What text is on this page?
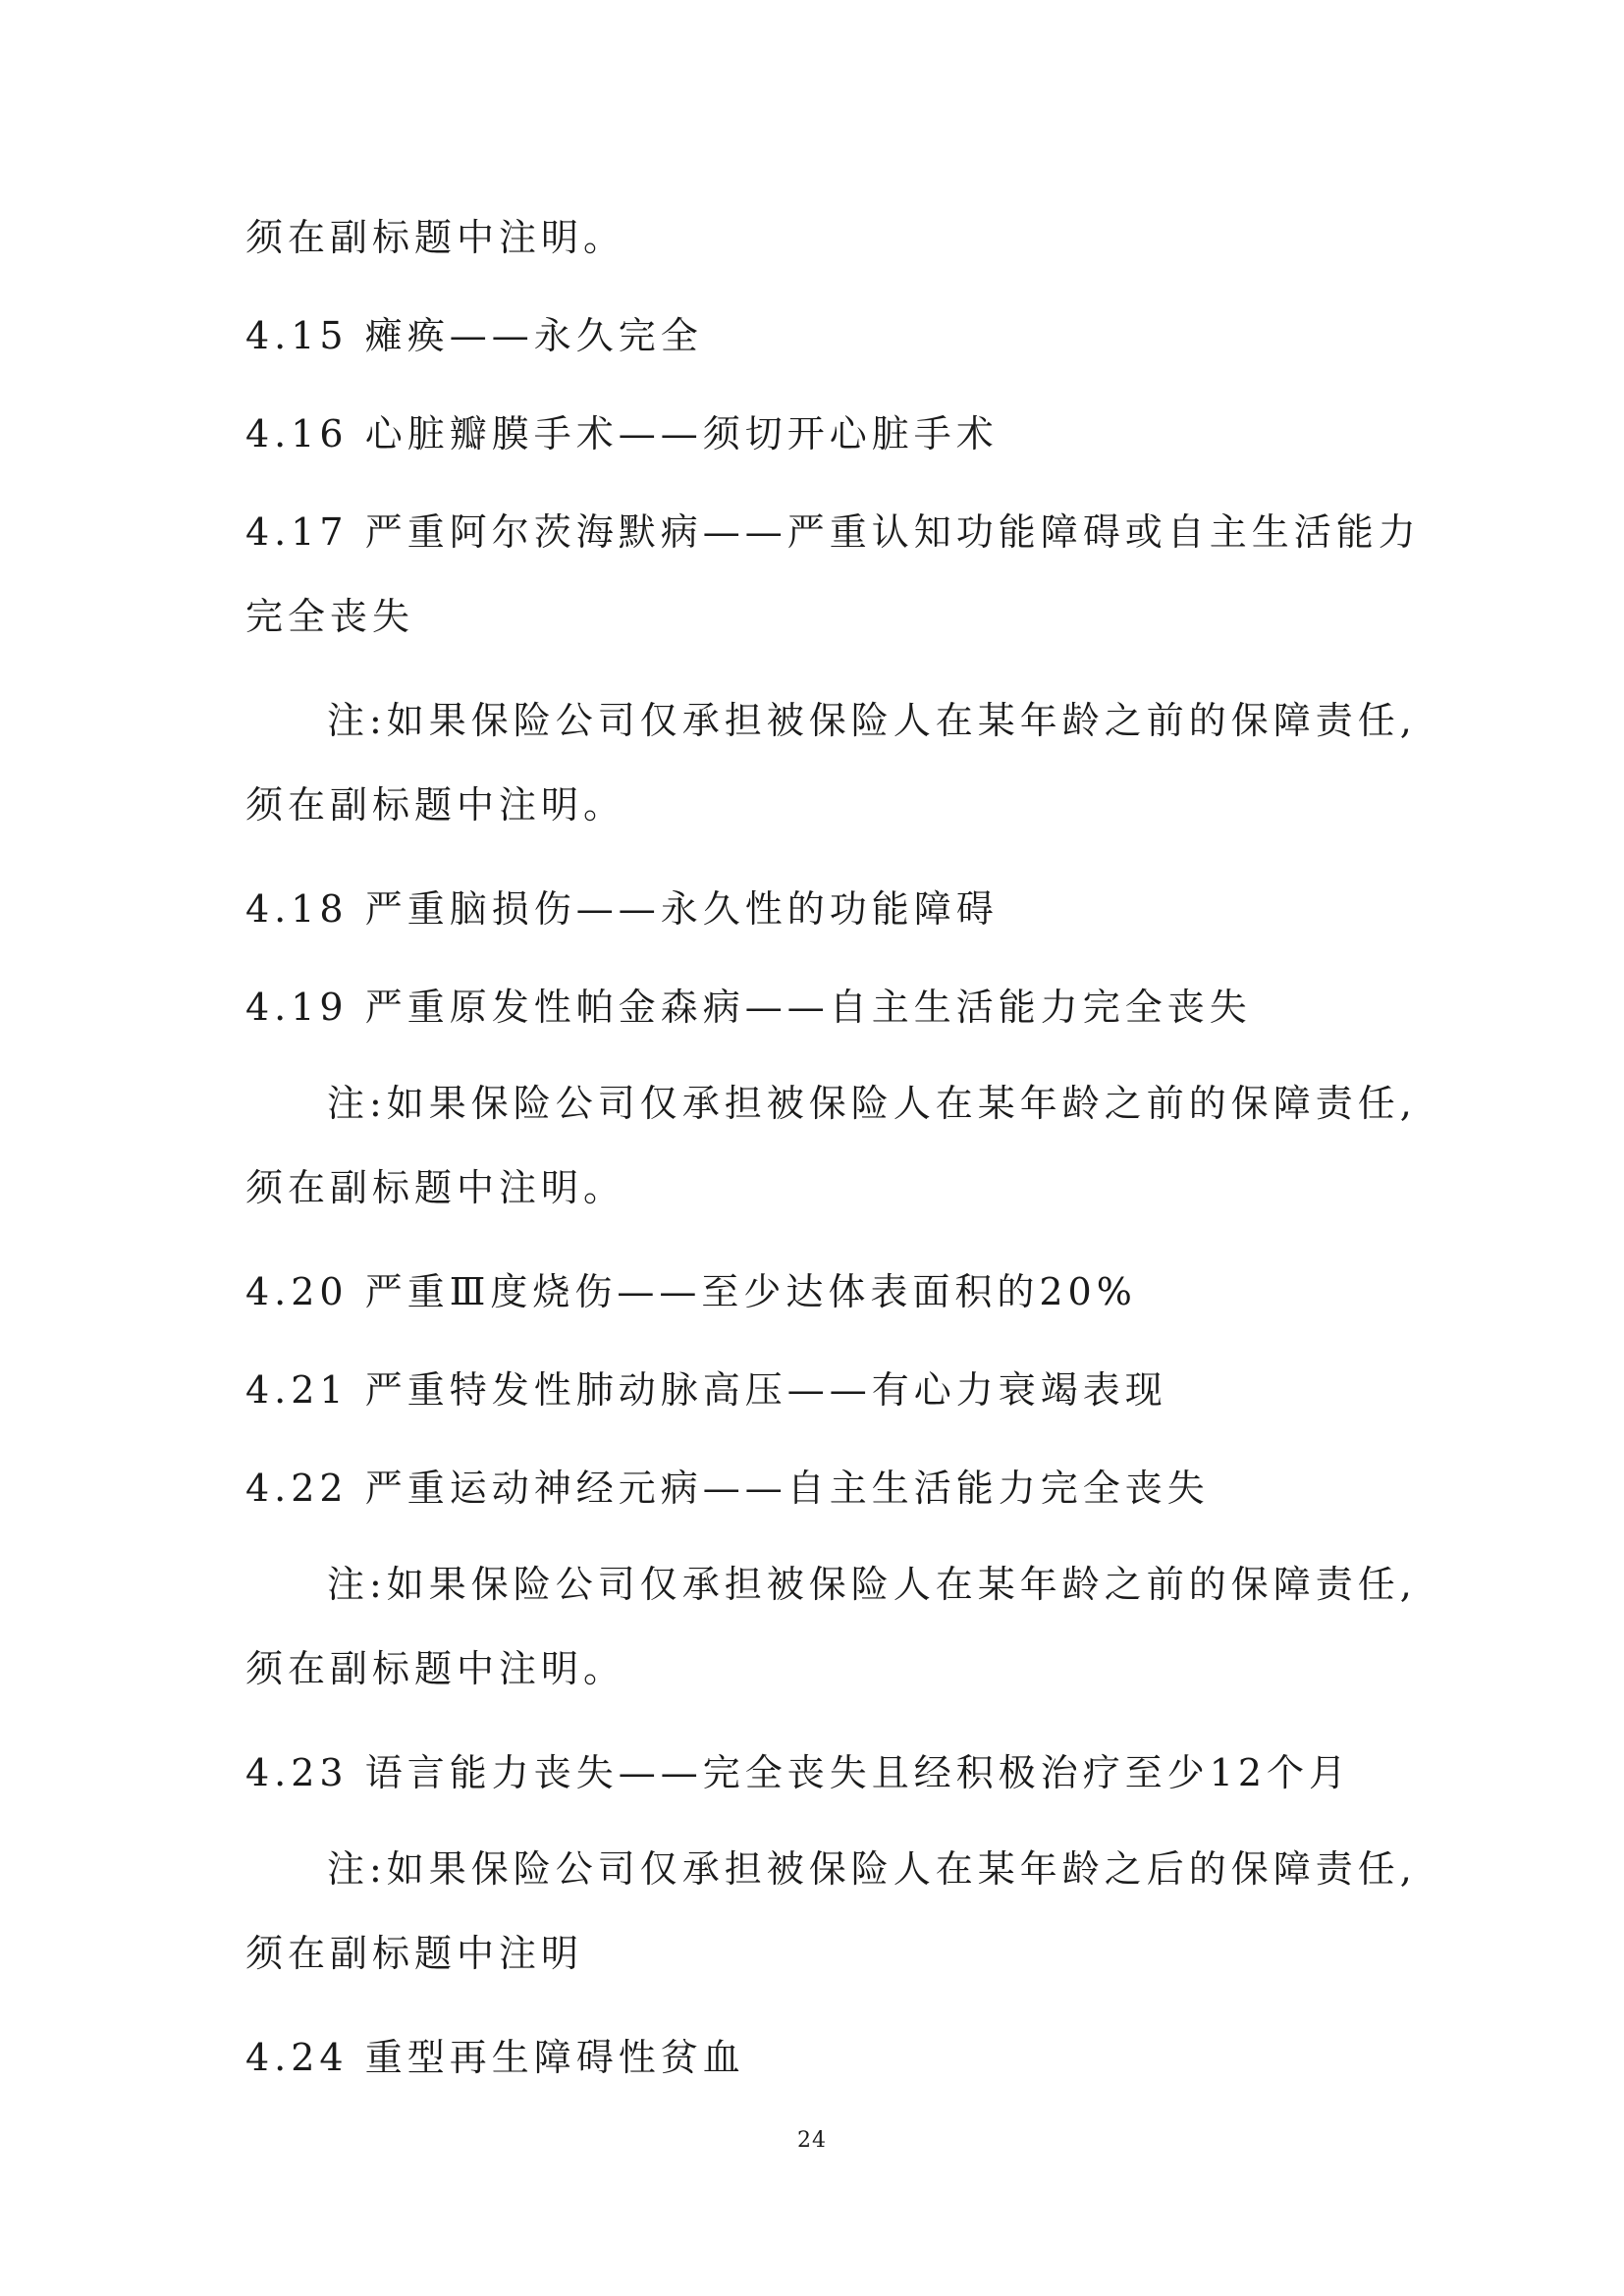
须在副标题中注明。
4.15 瘫痪——永久完全
4.16 心脏瓣膜手术——须切开心脏手术
4.17 严重阿尔茨海默病——严重认知功能障碍或自主生活能力
完全丧失
注:如果保险公司仅承担被保险人在某年龄之前的保障责任,
须在副标题中注明。
4.18 严重脑损伤——永久性的功能障碍
4.19 严重原发性帕金森病——自主生活能力完全丧失
注:如果保险公司仅承担被保险人在某年龄之前的保障责任,
须在副标题中注明。
4.20 严重Ⅲ度烧伤——至少达体表面积的20%
4.21 严重特发性肺动脉高压——有心力衰竭表现
4.22 严重运动神经元病——自主生活能力完全丧失
注:如果保险公司仅承担被保险人在某年龄之前的保障责任,
须在副标题中注明。
4.23 语言能力丧失——完全丧失且经积极治疗至少12个月
注:如果保险公司仅承担被保险人在某年龄之后的保障责任,
须在副标题中注明
4.24 重型再生障碍性贫血
24
